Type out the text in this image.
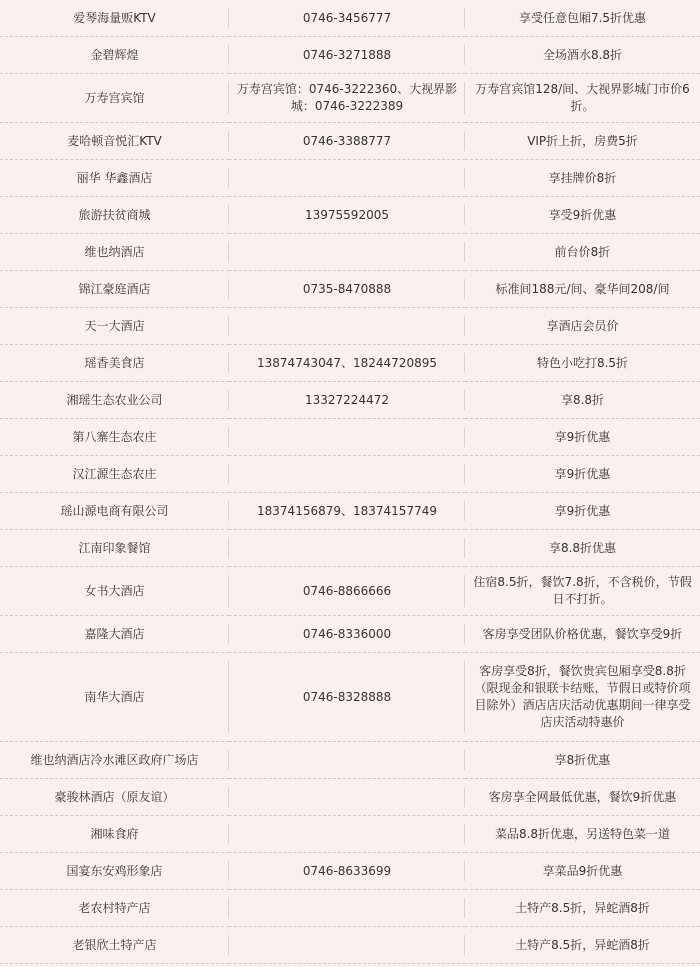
爱琴海量贩KTV	0746-3456777	享受任意包厢7.5折优惠
金碧辉煌	0746-3271888	全场酒水8.8折
万寿宫宾馆	万寿宫宾馆：0746-3222360、大视界影城：0746-3222389	万寿宫宾馆128/间、大视界影城门市价6折。
麦哈顿音悦汇KTV	0746-3388777	VIP折上折，房费5折
丽华 华鑫酒店		享挂牌价8折
旅游扶贫商城	13975592005	享受9折优惠
维也纳酒店		前台价8折
锦江豪庭酒店	0735-8470888	标准间188元/间、豪华间208/间
天一大酒店		享酒店会员价
瑶香美食店	13874743047、18244720895	特色小吃打8.5折
湘瑶生态农业公司	13327224472	享8.8折
第八寨生态农庄		享9折优惠
汉江源生态农庄		享9折优惠
瑶山源电商有限公司	18374156879、18374157749	享9折优惠
江南印象餐馆		享8.8折优惠
女书大酒店	0746-8866666	住宿8.5折，餐饮7.8折，不含税价，节假日不打折。
嘉隆大酒店	0746-8336000	客房享受团队价格优惠，餐饮享受9折
南华大酒店	0746-8328888	客房享受8折，餐饮贵宾包厢享受8.8折（限现金和银联卡结账，节假日或特价项目除外）酒店店庆活动优惠期间一律享受店庆活动特惠价
维也纳酒店冷水滩区政府广场店		享8折优惠
豪骏林酒店（原友谊）		客房享全网最低优惠，餐饮9折优惠
湘味食府		菜品8.8折优惠，另送特色菜一道
国宴东安鸡形象店	0746-8633699	享菜品9折优惠
老农村特产店		土特产8.5折，异蛇酒8折
老银欣土特产店		土特产8.5折，异蛇酒8折
